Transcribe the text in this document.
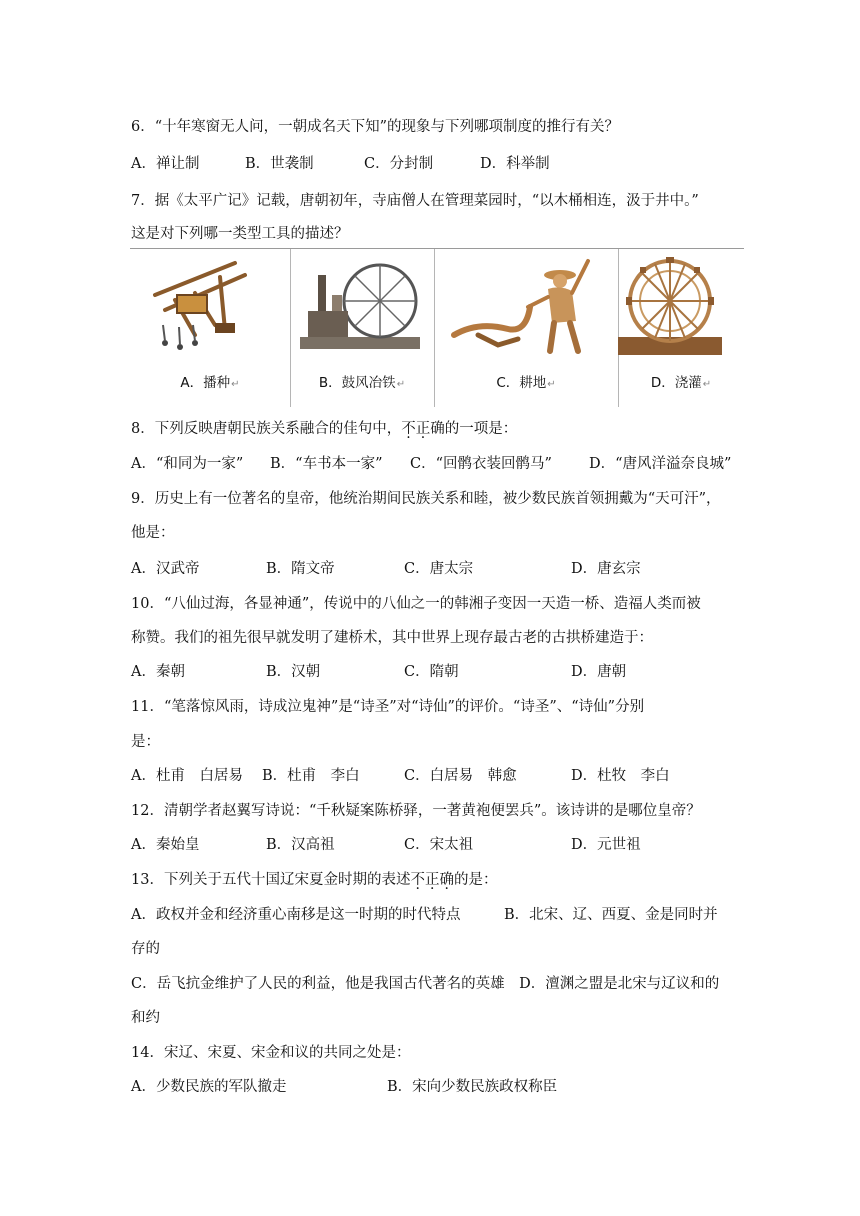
6．“十年寒窗无人问，一朝成名天下知”的现象与下列哪项制度的推行有关？
A．禅让制	B．世袭制	C．分封制	D．科举制
7．据《太平广记》记载，唐朝初年，寺庙僧人在管理菜园时，“以木桶相连，汲于井中。”
这是对下列哪一类型工具的描述？
A．播种↵	B．鼓风冶铁↵	C．耕地↵	D．浇灌↵
8．下列反映唐朝民族关系融合的佳句中，不正确的一项是：
A．“和同为一家” B．“车书本一家” C．“回鹘衣装回鹘马”	D．“唐风洋溢奈良城”
9．历史上有一位著名的皇帝，他统治期间民族关系和睦，被少数民族首领拥戴为“天可汗”，
他是：
A．汉武帝	B．隋文帝	C．唐太宗	D．唐玄宗
10．“八仙过海，各显神通”，传说中的八仙之一的韩湘子变因一天造一桥、造福人类而被
称赞。我们的祖先很早就发明了建桥术，其中世界上现存最古老的古拱桥建造于：
A．秦朝	B．汉朝	C．隋朝	D．唐朝
11．“笔落惊风雨，诗成泣鬼神”是“诗圣”对“诗仙”的评价。“诗圣”、“诗仙”分别
是：
A．杜甫　白居易 B．杜甫　李白	C．白居易　韩愈	D．杜牧　李白
12．清朝学者赵翼写诗说：“千秋疑案陈桥驿，一著黄袍便罢兵”。该诗讲的是哪位皇帝？
A．秦始皇	B．汉高祖	C．宋太祖	D．元世祖
13．下列关于五代十国辽宋夏金时期的表述不正确的是：
A．政权并金和经济重心南移是这一时期的时代特点　　　B．北宋、辽、西夏、金是同时并
存的
C．岳飞抗金维护了人民的利益，他是我国古代著名的英雄　D．澶渊之盟是北宋与辽议和的
和约
14．宋辽、宋夏、宋金和议的共同之处是：
A．少数民族的军队撤走	B．宋向少数民族政权称臣
